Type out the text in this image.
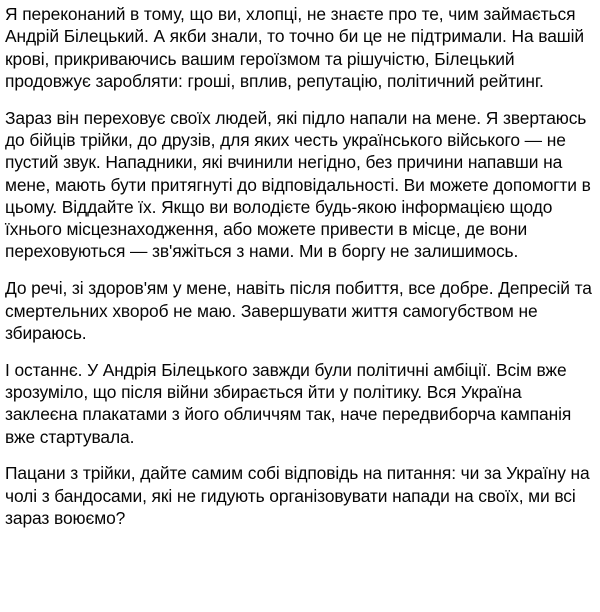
Я переконаний в тому, що ви, хлопці, не знаєте про те, чим займається Андрій Білецький. А якби знали, то точно би це не підтримали. На вашій крові, прикриваючись вашим героїзмом та рішучістю, Білецький продовжує заробляти: гроші, вплив, репутацію, політичний рейтинг.

Зараз він переховує своїх людей, які підло напали на мене. Я звертаюсь до бійців трійки, до друзів, для яких честь українського війського — не пустий звук. Нападники, які вчинили негідно, без причини напавши на мене, мають бути притягнуті до відповідальності. Ви можете допомогти в цьому. Віддайте їх. Якщо ви володієте будь-якою інформацією щодо їхнього місцезнаходження, або можете привести в місце, де вони переховуються — зв'яжіться з нами. Ми в боргу не залишимось.

До речі, зі здоров'ям у мене, навіть після побиття, все добре. Депресій та смертельних хвороб не маю. Завершувати життя самогубством не збираюсь.

І останнє. У Андрія Білецького завжди були політичні амбіції. Всім вже зрозуміло, що після війни збирається йти у політику. Вся Україна заклеєна плакатами з його обличчям так, наче передвиборча кампанія вже стартувала.

Пацани з трійки, дайте самим собі відповідь на питання: чи за Україну на чолі з бандосами, які не гидують організовувати напади на своїх, ми всі зараз воюємо?
